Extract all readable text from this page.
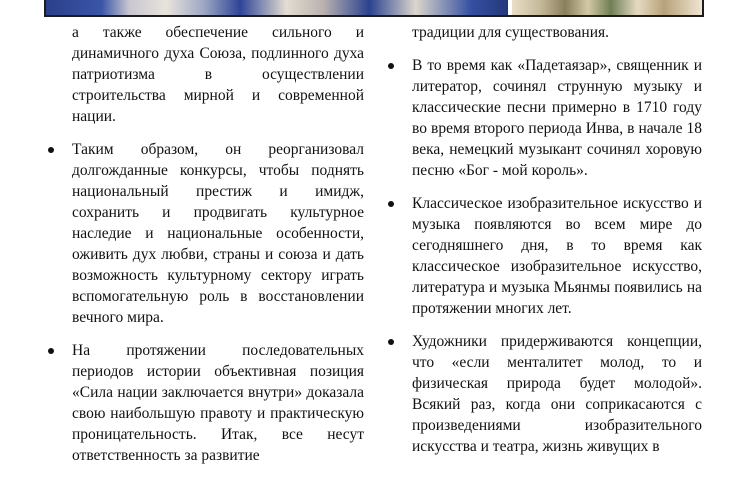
а также обеспечение сильного и динамичного духа Союза, подлинного духа патриотизма в осуществлении строительства мирной и современной нации.

Таким образом, он реорганизовал долгожданные конкурсы, чтобы поднять национальный престиж и имидж, сохранить и продвигать культурное наследие и национальные особенности, оживить дух любви, страны и союза и дать возможность культурному сектору играть вспомогательную роль в восстановлении вечного мира.

На протяжении последовательных периодов истории объективная позиция «Сила нации заключается внутри» доказала свою наибольшую правоту и практическую проницательность. Итак, все несут ответственность за развитие

традиции для существования.

В то время как «Падетаязар», священник и литератор, сочинял струнную музыку и классические песни примерно в 1710 году во время второго периода Инва, в начале 18 века, немецкий музыкант сочинял хоровую песню «Бог - мой король».

Классическое изобразительное искусство и музыка появляются во всем мире до сегодняшнего дня, в то время как классическое изобразительное искусство, литература и музыка Мьянмы появились на протяжении многих лет.

Художники придерживаются концепции, что «если менталитет молод, то и физическая природа будет молодой». Всякий раз, когда они соприкасаются с произведениями изобразительного искусства и театра, жизнь живущих в
